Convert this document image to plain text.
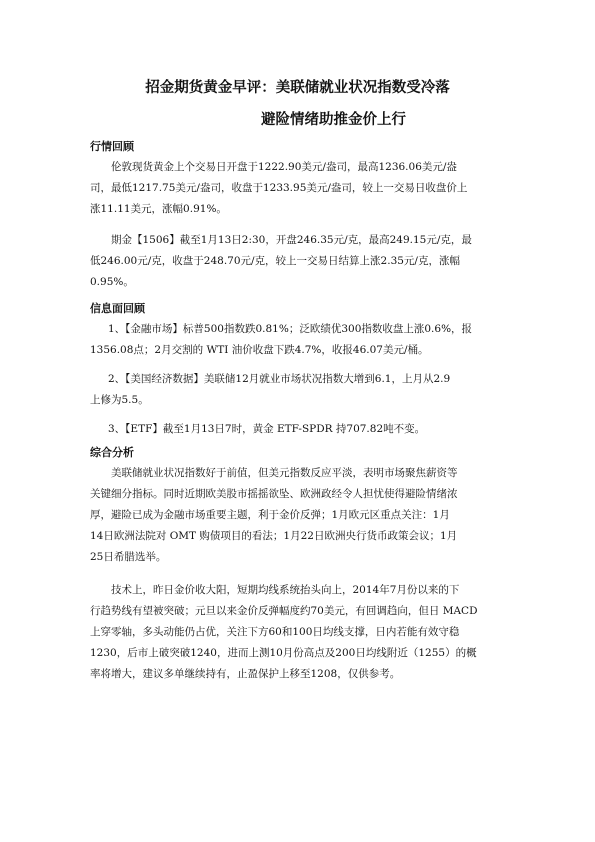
招金期货黄金早评：美联储就业状况指数受冷落
避险情绪助推金价上行
行情回顾

伦敦现货黄金上个交易日开盘于1222.90美元/盎司，最高1236.06美元/盎
司，最低1217.75美元/盎司，收盘于1233.95美元/盎司，较上一交易日收盘价上
涨11.11美元，涨幅0.91%。

期金【1506】截至1月13日2:30，开盘246.35元/克，最高249.15元/克，最
低246.00元/克，收盘于248.70元/克，较上一交易日结算上涨2.35元/克，涨幅
0.95%。

信息面回顾

1、【金融市场】标普500指数跌0.81%；泛欧绩优300指数收盘上涨0.6%，报
1356.08点；2月交割的 WTI 油价收盘下跌4.7%，收报46.07美元/桶。

2、【美国经济数据】美联储12月就业市场状况指数大增到6.1，上月从2.9
上修为5.5。

3、【ETF】截至1月13日7时，黄金 ETF-SPDR 持707.82吨不变。

综合分析

美联储就业状况指数好于前值，但美元指数反应平淡，表明市场聚焦薪资等
关键细分指标。同时近期欧美股市摇摇欲坠、欧洲政经令人担忧使得避险情绪浓
厚，避险已成为金融市场重要主题，利于金价反弹；1月欧元区重点关注：1月
14日欧洲法院对 OMT 购债项目的看法；1月22日欧洲央行货币政策会议；1月
25日希腊选举。

技术上，昨日金价收大阳，短期均线系统抬头向上，2014年7月份以来的下
行趋势线有望被突破；元旦以来金价反弹幅度约70美元，有回调趋向，但日 MACD
上穿零轴，多头动能仍占优，关注下方60和100日均线支撑，日内若能有效守稳
1230，后市上破突破1240，进而上测10月份高点及200日均线附近（1255）的概
率将增大，建议多单继续持有，止盈保护上移至1208，仅供参考。
